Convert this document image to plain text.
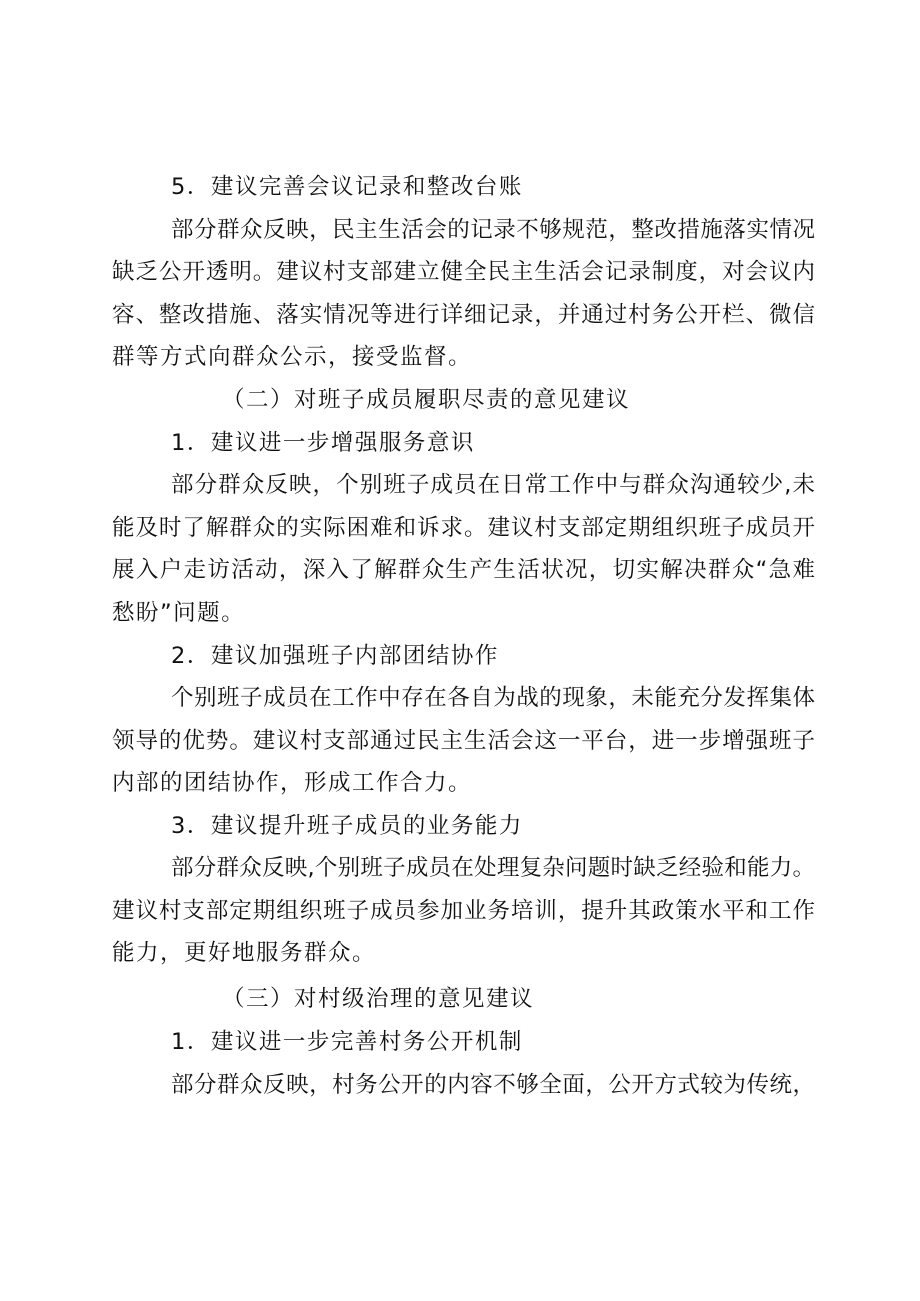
5．建议完善会议记录和整改台账
部分群众反映，民主生活会的记录不够规范，整改措施落实情况
缺乏公开透明。建议村支部建立健全民主生活会记录制度，对会议内
容、整改措施、落实情况等进行详细记录，并通过村务公开栏、微信
群等方式向群众公示，接受监督。
（二）对班子成员履职尽责的意见建议
1．建议进一步增强服务意识
部分群众反映，个别班子成员在日常工作中与群众沟通较少,未
能及时了解群众的实际困难和诉求。建议村支部定期组织班子成员开
展入户走访活动，深入了解群众生产生活状况，切实解决群众“急难
愁盼”问题。
2．建议加强班子内部团结协作
个别班子成员在工作中存在各自为战的现象，未能充分发挥集体
领导的优势。建议村支部通过民主生活会这一平台，进一步增强班子
内部的团结协作，形成工作合力。
3．建议提升班子成员的业务能力
部分群众反映,个别班子成员在处理复杂问题时缺乏经验和能力。
建议村支部定期组织班子成员参加业务培训，提升其政策水平和工作
能力，更好地服务群众。
（三）对村级治理的意见建议
1．建议进一步完善村务公开机制
部分群众反映，村务公开的内容不够全面，公开方式较为传统，
